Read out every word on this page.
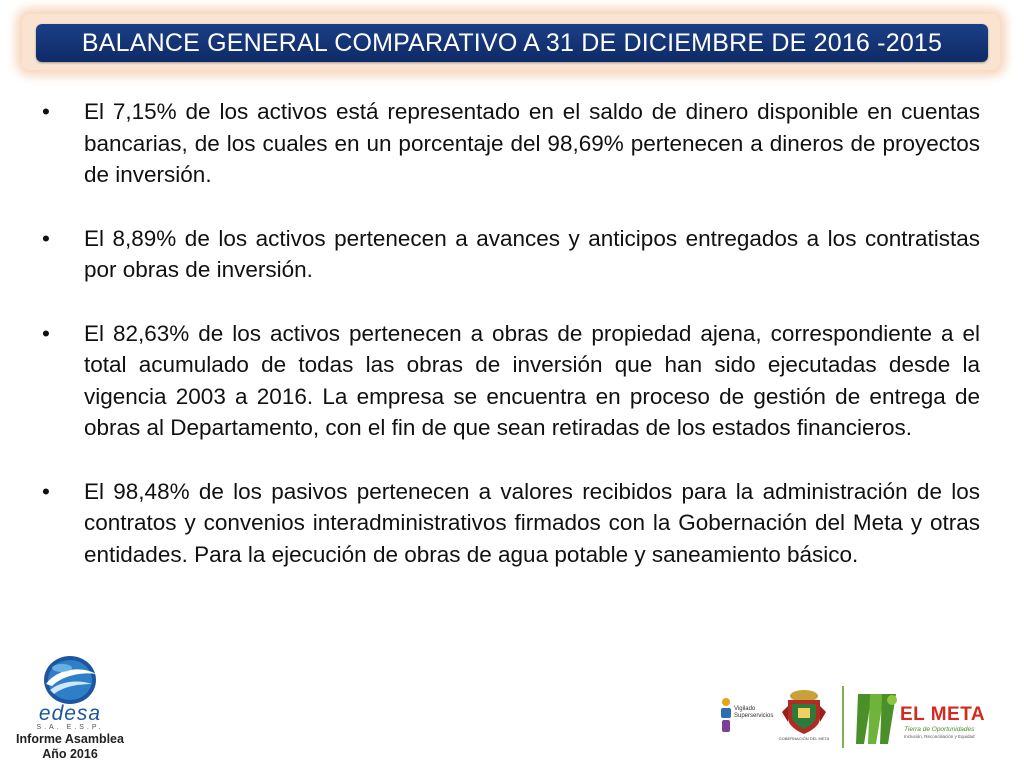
BALANCE GENERAL COMPARATIVO A 31 DE DICIEMBRE DE 2016 -2015
• El 7,15% de los activos está representado en el saldo de dinero disponible en cuentas bancarias, de los cuales en un porcentaje del 98,69% pertenecen a dineros de proyectos de inversión.
• El 8,89% de los activos pertenecen a avances y anticipos entregados a los contratistas por obras de inversión.
• El 82,63% de los activos pertenecen a obras de propiedad ajena, correspondiente a el total acumulado de todas las obras de inversión que han sido ejecutadas desde la vigencia 2003 a 2016. La empresa se encuentra en proceso de gestión de entrega de obras al Departamento, con el fin de que sean retiradas de los estados financieros.
• El 98,48% de los pasivos pertenecen a valores recibidos para la administración de los contratos y convenios interadministrativos firmados con la Gobernación del Meta y otras entidades. Para la ejecución de obras de agua potable y saneamiento básico.
edesa
S.A. E.S.P.
Informe Asamblea
Año 2016
Vigilado
Superservicios
GOBERNACIÓN DEL META
EL META
Tierra de Oportunidades
Inclusión, Reconciliación y Equidad
